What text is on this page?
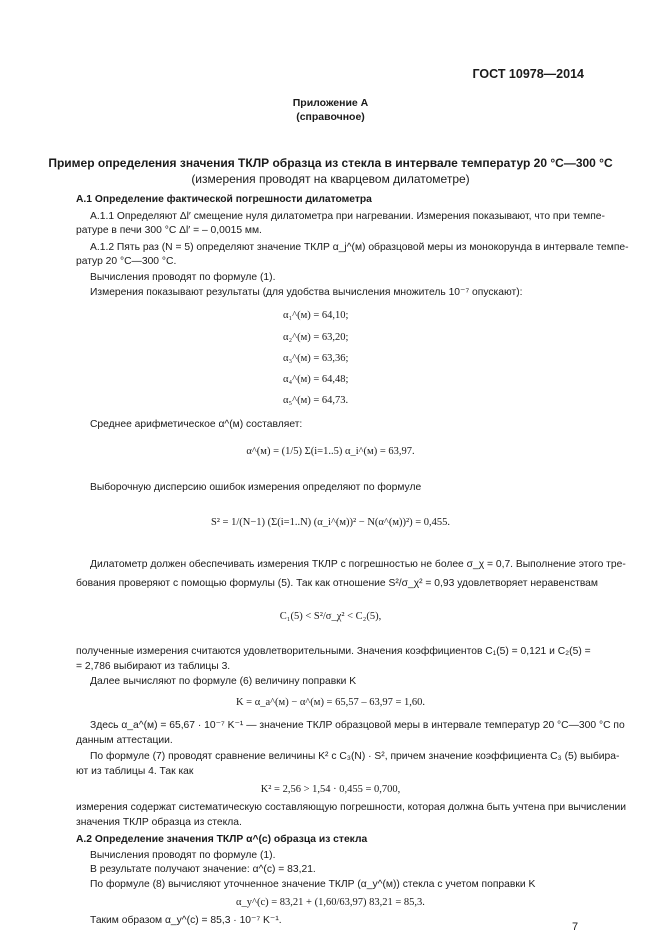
ГОСТ 10978—2014
Приложение А
(справочное)
Пример определения значения ТКЛР образца из стекла в интервале температур 20 °С—300 °С
(измерения проводят на кварцевом дилатометре)
А.1 Определение фактической погрешности дилатометра
А.1.1 Определяют Δl′ смещение нуля дилатометра при нагревании. Измерения показывают, что при темпе-
ратуре в печи 300 °С Δl′ = – 0,0015 мм.
А.1.2 Пять раз (N = 5) определяют значение ТКЛР α_j^(м) образцовой меры из монокорунда в интервале темпе-
ратур 20 °С—300 °С.
Вычисления проводят по формуле (1).
Измерения показывают результаты (для удобства вычисления множитель 10⁻⁷ опускают):
α₁^(м) = 64,10;
α₂^(м) = 63,20;
α₃^(м) = 63,36;
α₄^(м) = 64,48;
α₅^(м) = 64,73.
Среднее арифметическое α^(м) составляет:
α^(м) = (1/5) Σ(i=1..5) α_i^(м) = 63,97.
Выборочную дисперсию ошибок измерения определяют по формуле
S² = 1/(N−1) (Σ(i=1..N) (α_i^(м))² − N(α^(м))²) = 0,455.
Дилатометр должен обеспечивать измерения ТКЛР с погрешностью не более σ_χ = 0,7. Выполнение этого тре-
бования проверяют с помощью формулы (5). Так как отношение S²/σ_χ² = 0,93 удовлетворяет неравенствам
C₁(5) < S²/σ_χ² < C₂(5),
полученные измерения считаются удовлетворительными. Значения коэффициентов C₁(5) = 0,121 и C₂(5) =
= 2,786 выбирают из таблицы 3.
Далее вычисляют по формуле (6) величину поправки K
K = α_a^(м) − α^(м) = 65,57 – 63,97 = 1,60.
Здесь α_a^(м) = 65,67 · 10⁻⁷ K⁻¹ — значение ТКЛР образцовой меры в интервале температур 20 °С—300 °С по
данным аттестации.
По формуле (7) проводят сравнение величины K² с C₃(N) · S², причем значение коэффициента C₃ (5) выбира-
ют из таблицы 4. Так как
K² = 2,56 > 1,54 · 0,455 = 0,700,
измерения содержат систематическую составляющую погрешности, которая должна быть учтена при вычислении
значения ТКЛР образца из стекла.
А.2 Определение значения ТКЛР α^(с) образца из стекла
Вычисления проводят по формуле (1).
В результате получают значение: α^(с) = 83,21.
По формуле (8) вычисляют уточненное значение ТКЛР (α_y^(м)) стекла с учетом поправки K
α_y^(с) = 83,21 + (1,60/63,97) 83,21 = 85,3.
Таким образом α_y^(с) = 85,3 · 10⁻⁷ K⁻¹.
7
